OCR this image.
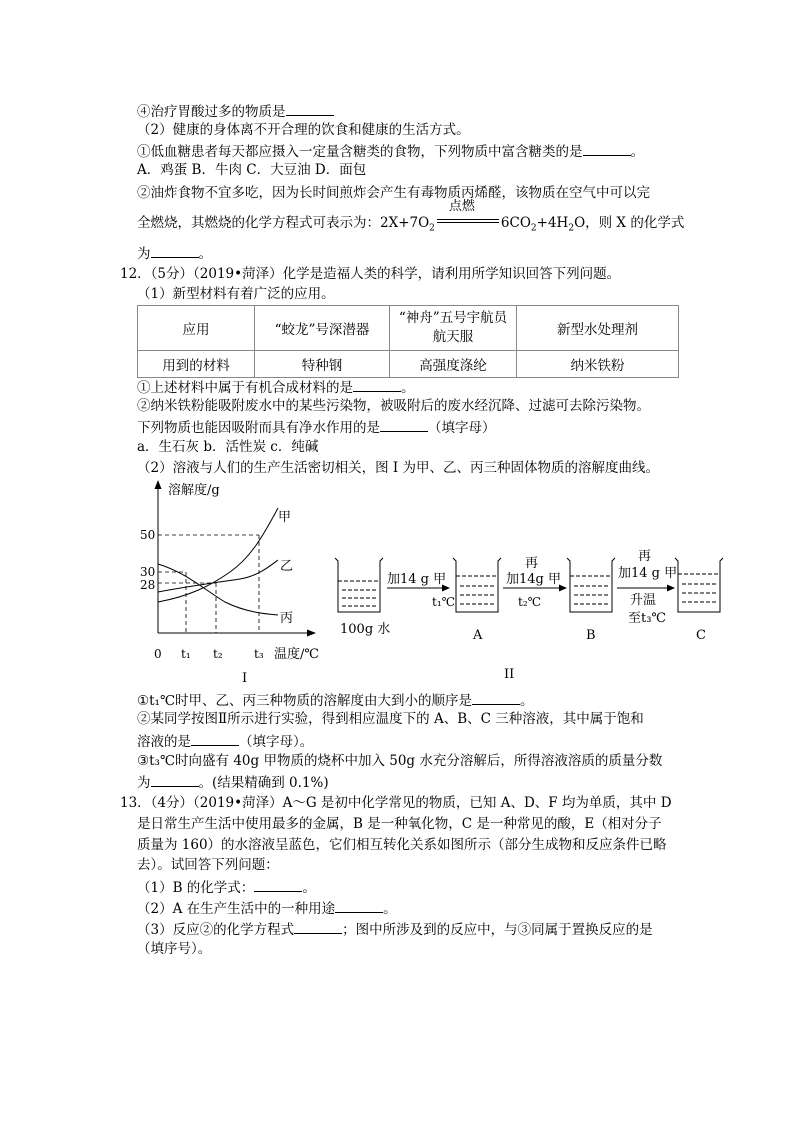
④治疗胃酸过多的物质是
（2）健康的身体离不开合理的饮食和健康的生活方式。
①低血糖患者每天都应摄入一定量含糖类的食物，下列物质中富含糖类的是	。
A．鸡蛋 B．牛肉 C．大豆油 D．面包
②油炸食物不宜多吃，因为长时间煎炸会产生有毒物质丙烯醛，该物质在空气中可以完
全燃烧，其燃烧的化学方程式可表示为：$2X+7O_2$
点燃
$6CO_2+4H_2O$，则 X 的化学式
为	。
12．（5分）（2019•菏泽）化学是造福人类的科学，请利用所学知识回答下列问题。
（1）新型材料有着广泛的应用。
应用	“蛟龙”号深潜器	“神舟”五号宇航员航天服	新型水处理剂
用到的材料	特种钢	高强度涤纶	纳米铁粉
①上述材料中属于有机合成材料的是	。
②纳米铁粉能吸附废水中的某些污染物，被吸附后的废水经沉降、过滤可去除污染物。
下列物质也能因吸附而具有净水作用的是	（填字母）
a．生石灰 b．活性炭 c．纯碱
（2）溶液与人们的生产生活密切相关，图 I 为甲、乙、丙三种固体物质的溶解度曲线。
溶解度/g
温度/℃
0
50
30
28
t₁ t₂	t₃
甲
乙
丙
I
加14 g 甲
t₁℃
再
加14g 甲
t₂℃
再
加14 g 甲
升温
至t₃℃
100g 水	A	B	C
II
①t₁℃时甲、乙、丙三种物质的溶解度由大到小的顺序是	。
②某同学按图Ⅱ所示进行实验，得到相应温度下的 A、B、C 三种溶液，其中属于饱和
溶液的是	（填字母）。
③t₃℃时向盛有 40g 甲物质的烧杯中加入 50g 水充分溶解后，所得溶液溶质的质量分数
为	。(结果精确到 0.1%)
13．（4分）（2019•菏泽）A～G 是初中化学常见的物质，已知 A、D、F 均为单质，其中 D
是日常生产生活中使用最多的金属，B 是一种氧化物，C 是一种常见的酸，E（相对分子
质量为 160）的水溶液呈蓝色，它们相互转化关系如图所示（部分生成物和反应条件已略
去）。试回答下列问题：
（1）B 的化学式：	。
（2）A 在生产生活中的一种用途	。
（3）反应②的化学方程式	；图中所涉及到的反应中，与③同属于置换反应的是
（填序号）。
